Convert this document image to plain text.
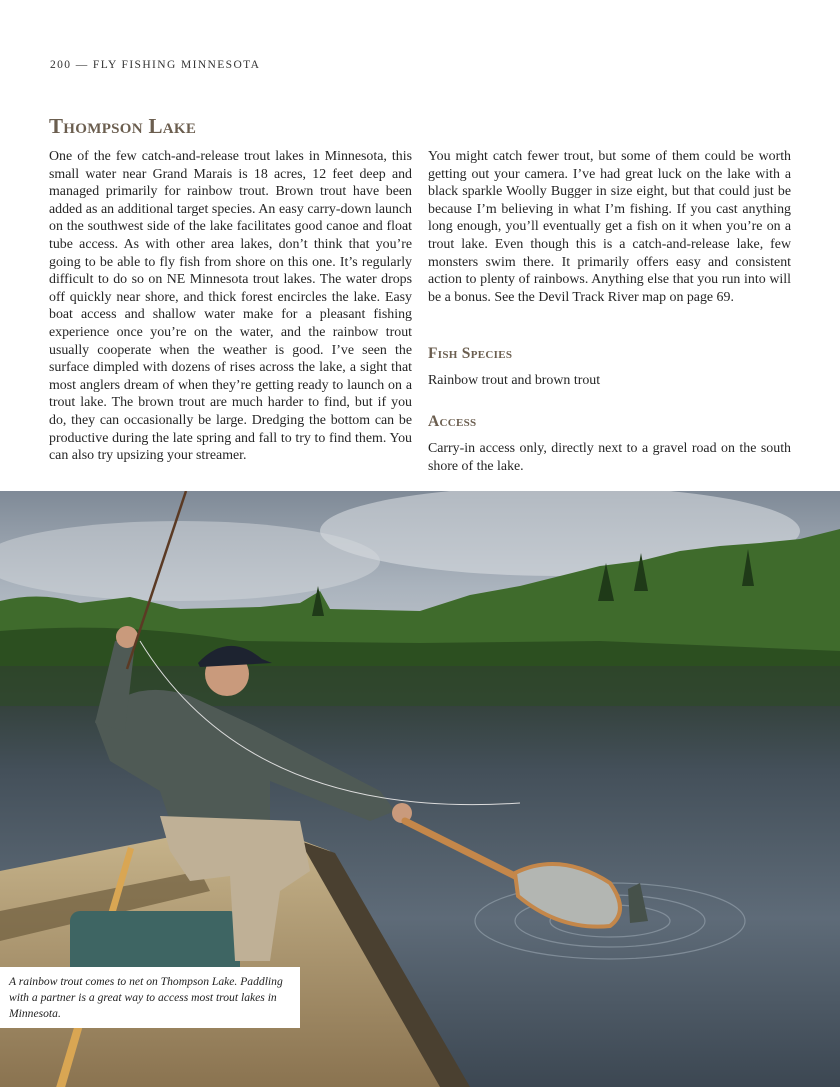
200 — FLY FISHING MINNESOTA
Thompson Lake

One of the few catch-and-release trout lakes in Minnesota, this small water near Grand Marais is 18 acres, 12 feet deep and managed primarily for rainbow trout. Brown trout have been added as an additional target species. An easy carry-down launch on the southwest side of the lake facilitates good canoe and float tube access. As with other area lakes, don’t think that you’re going to be able to fly fish from shore on this one. It’s regularly difficult to do so on NE Minnesota trout lakes. The water drops off quickly near shore, and thick forest encircles the lake. Easy boat access and shallow water make for a pleasant fishing experience once you’re on the water, and the rainbow trout usually cooperate when the weather is good. I’ve seen the surface dimpled with dozens of rises across the lake, a sight that most anglers dream of when they’re getting ready to launch on a trout lake. The brown trout are much harder to find, but if you do, they can occasionally be large. Dredging the bottom can be productive during the late spring and fall to try to find them. You can also try upsizing your streamer.

You might catch fewer trout, but some of them could be worth getting out your camera. I’ve had great luck on the lake with a black sparkle Woolly Bugger in size eight, but that could just be because I’m believing in what I’m fishing. If you cast anything long enough, you’ll eventually get a fish on it when you’re on a trout lake. Even though this is a catch-and-release lake, few monsters swim there. It primarily offers easy and consistent action to plenty of rainbows. Anything else that you run into will be a bonus. See the Devil Track River map on page 69.

Fish Species

Rainbow trout and brown trout

Access

Carry-in access only, directly next to a gravel road on the south shore of the lake.

A rainbow trout comes to net on Thompson Lake. Paddling with a partner is a great way to access most trout lakes in Minnesota.
